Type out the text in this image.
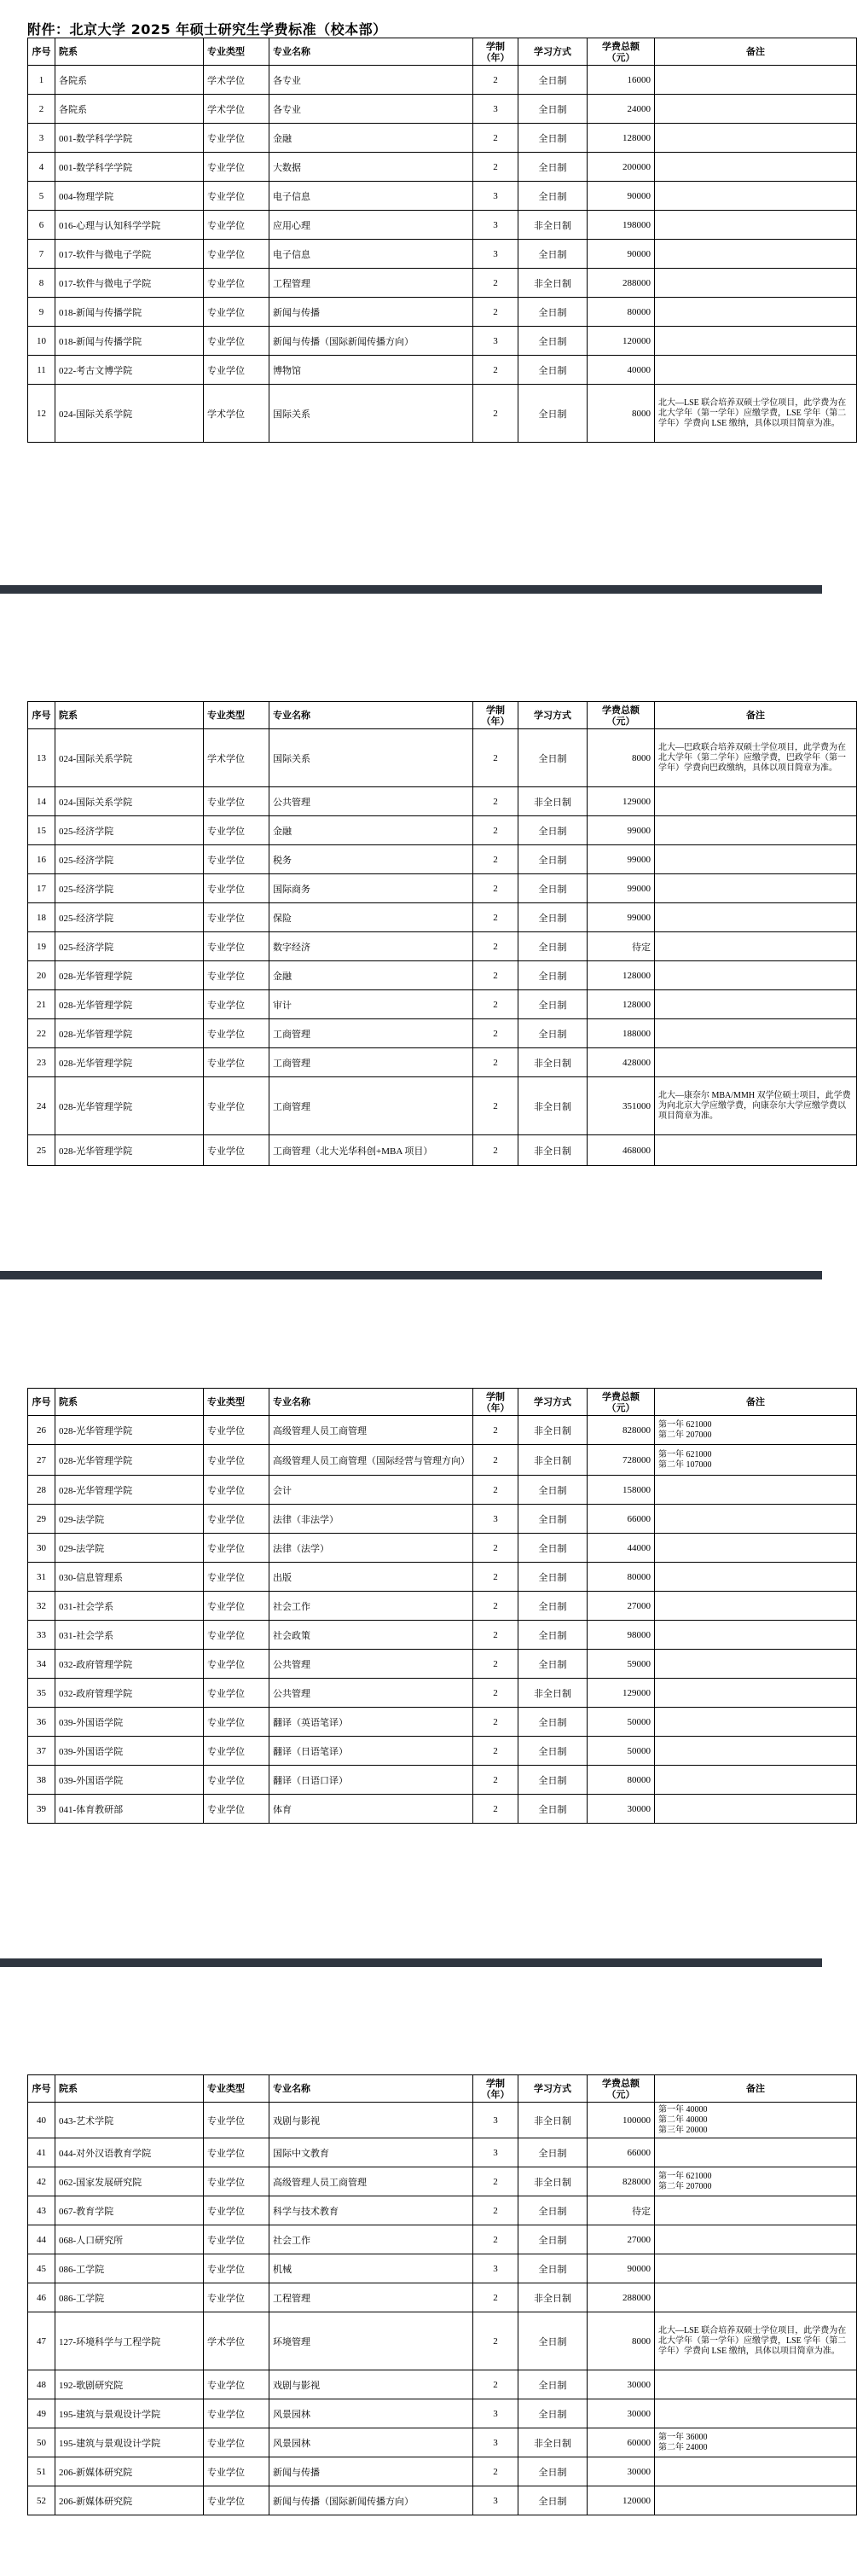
附件：北京大学 2025 年硕士研究生学费标准（校本部）
序号	院系	专业类型	专业名称	学制（年）	学习方式	学费总额（元）	备注
1	各院系	学术学位	各专业	2	全日制	16000	
2	各院系	学术学位	各专业	3	全日制	24000	
3	001-数学科学学院	专业学位	金融	2	全日制	128000	
4	001-数学科学学院	专业学位	大数据	2	全日制	200000	
5	004-物理学院	专业学位	电子信息	3	全日制	90000	
6	016-心理与认知科学学院	专业学位	应用心理	3	非全日制	198000	
7	017-软件与微电子学院	专业学位	电子信息	3	全日制	90000	
8	017-软件与微电子学院	专业学位	工程管理	2	非全日制	288000	
9	018-新闻与传播学院	专业学位	新闻与传播	2	全日制	80000	
10	018-新闻与传播学院	专业学位	新闻与传播（国际新闻传播方向）	3	全日制	120000	
11	022-考古文博学院	专业学位	博物馆	2	全日制	40000	
12	024-国际关系学院	学术学位	国际关系	2	全日制	8000	北大—LSE 联合培养双硕士学位项目，此学费为在北大学年（第一学年）应缴学费，LSE 学年（第二学年）学费向 LSE 缴纳，具体以项目简章为准。
序号	院系	专业类型	专业名称	学制（年）	学习方式	学费总额（元）	备注
13	024-国际关系学院	学术学位	国际关系	2	全日制	8000	北大—巴政联合培养双硕士学位项目，此学费为在北大学年（第二学年）应缴学费，巴政学年（第一学年）学费向巴政缴纳，具体以项目简章为准。
14	024-国际关系学院	专业学位	公共管理	2	非全日制	129000	
15	025-经济学院	专业学位	金融	2	全日制	99000	
16	025-经济学院	专业学位	税务	2	全日制	99000	
17	025-经济学院	专业学位	国际商务	2	全日制	99000	
18	025-经济学院	专业学位	保险	2	全日制	99000	
19	025-经济学院	专业学位	数字经济	2	全日制	待定	
20	028-光华管理学院	专业学位	金融	2	全日制	128000	
21	028-光华管理学院	专业学位	审计	2	全日制	128000	
22	028-光华管理学院	专业学位	工商管理	2	全日制	188000	
23	028-光华管理学院	专业学位	工商管理	2	非全日制	428000	
24	028-光华管理学院	专业学位	工商管理	2	非全日制	351000	北大—康奈尔 MBA/MMH 双学位硕士项目，此学费为向北京大学应缴学费，向康奈尔大学应缴学费以项目简章为准。
25	028-光华管理学院	专业学位	工商管理（北大光华科创+MBA 项目）	2	非全日制	468000	
序号	院系	专业类型	专业名称	学制（年）	学习方式	学费总额（元）	备注
26	028-光华管理学院	专业学位	高级管理人员工商管理	2	非全日制	828000	第一年 621000
第二年 207000
27	028-光华管理学院	专业学位	高级管理人员工商管理（国际经营与管理方向）	2	非全日制	728000	第一年 621000
第二年 107000
28	028-光华管理学院	专业学位	会计	2	全日制	158000	
29	029-法学院	专业学位	法律（非法学）	3	全日制	66000	
30	029-法学院	专业学位	法律（法学）	2	全日制	44000	
31	030-信息管理系	专业学位	出版	2	全日制	80000	
32	031-社会学系	专业学位	社会工作	2	全日制	27000	
33	031-社会学系	专业学位	社会政策	2	全日制	98000	
34	032-政府管理学院	专业学位	公共管理	2	全日制	59000	
35	032-政府管理学院	专业学位	公共管理	2	非全日制	129000	
36	039-外国语学院	专业学位	翻译（英语笔译）	2	全日制	50000	
37	039-外国语学院	专业学位	翻译（日语笔译）	2	全日制	50000	
38	039-外国语学院	专业学位	翻译（日语口译）	2	全日制	80000	
39	041-体育教研部	专业学位	体育	2	全日制	30000	
序号	院系	专业类型	专业名称	学制（年）	学习方式	学费总额（元）	备注
40	043-艺术学院	专业学位	戏剧与影视	3	非全日制	100000	第一年 40000
第二年 40000
第三年 20000
41	044-对外汉语教育学院	专业学位	国际中文教育	3	全日制	66000	
42	062-国家发展研究院	专业学位	高级管理人员工商管理	2	非全日制	828000	第一年 621000
第二年 207000
43	067-教育学院	专业学位	科学与技术教育	2	全日制	待定	
44	068-人口研究所	专业学位	社会工作	2	全日制	27000	
45	086-工学院	专业学位	机械	3	全日制	90000	
46	086-工学院	专业学位	工程管理	2	非全日制	288000	
47	127-环境科学与工程学院	学术学位	环境管理	2	全日制	8000	北大—LSE 联合培养双硕士学位项目，此学费为在北大学年（第一学年）应缴学费，LSE 学年（第二学年）学费向 LSE 缴纳，具体以项目简章为准。
48	192-歌剧研究院	专业学位	戏剧与影视	2	全日制	30000	
49	195-建筑与景观设计学院	专业学位	风景园林	3	全日制	30000	
50	195-建筑与景观设计学院	专业学位	风景园林	3	非全日制	60000	第一年 36000
第二年 24000
51	206-新媒体研究院	专业学位	新闻与传播	2	全日制	30000	
52	206-新媒体研究院	专业学位	新闻与传播（国际新闻传播方向）	3	全日制	120000	
